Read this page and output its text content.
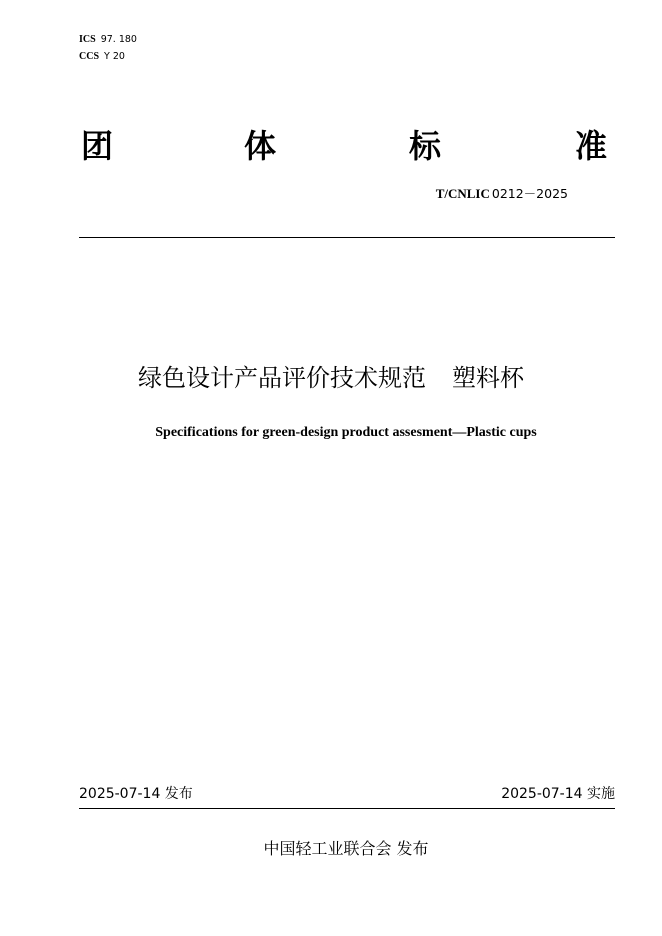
ICS 97. 180
CCS Y 20
团	体	标	准
T/CNLIC 0212－2025
绿色设计产品评价技术规范 塑料杯
Specifications for green-design product assesment—Plastic cups
2025-07-14 发布	2025-07-14 实施
中国轻工业联合会 发布
